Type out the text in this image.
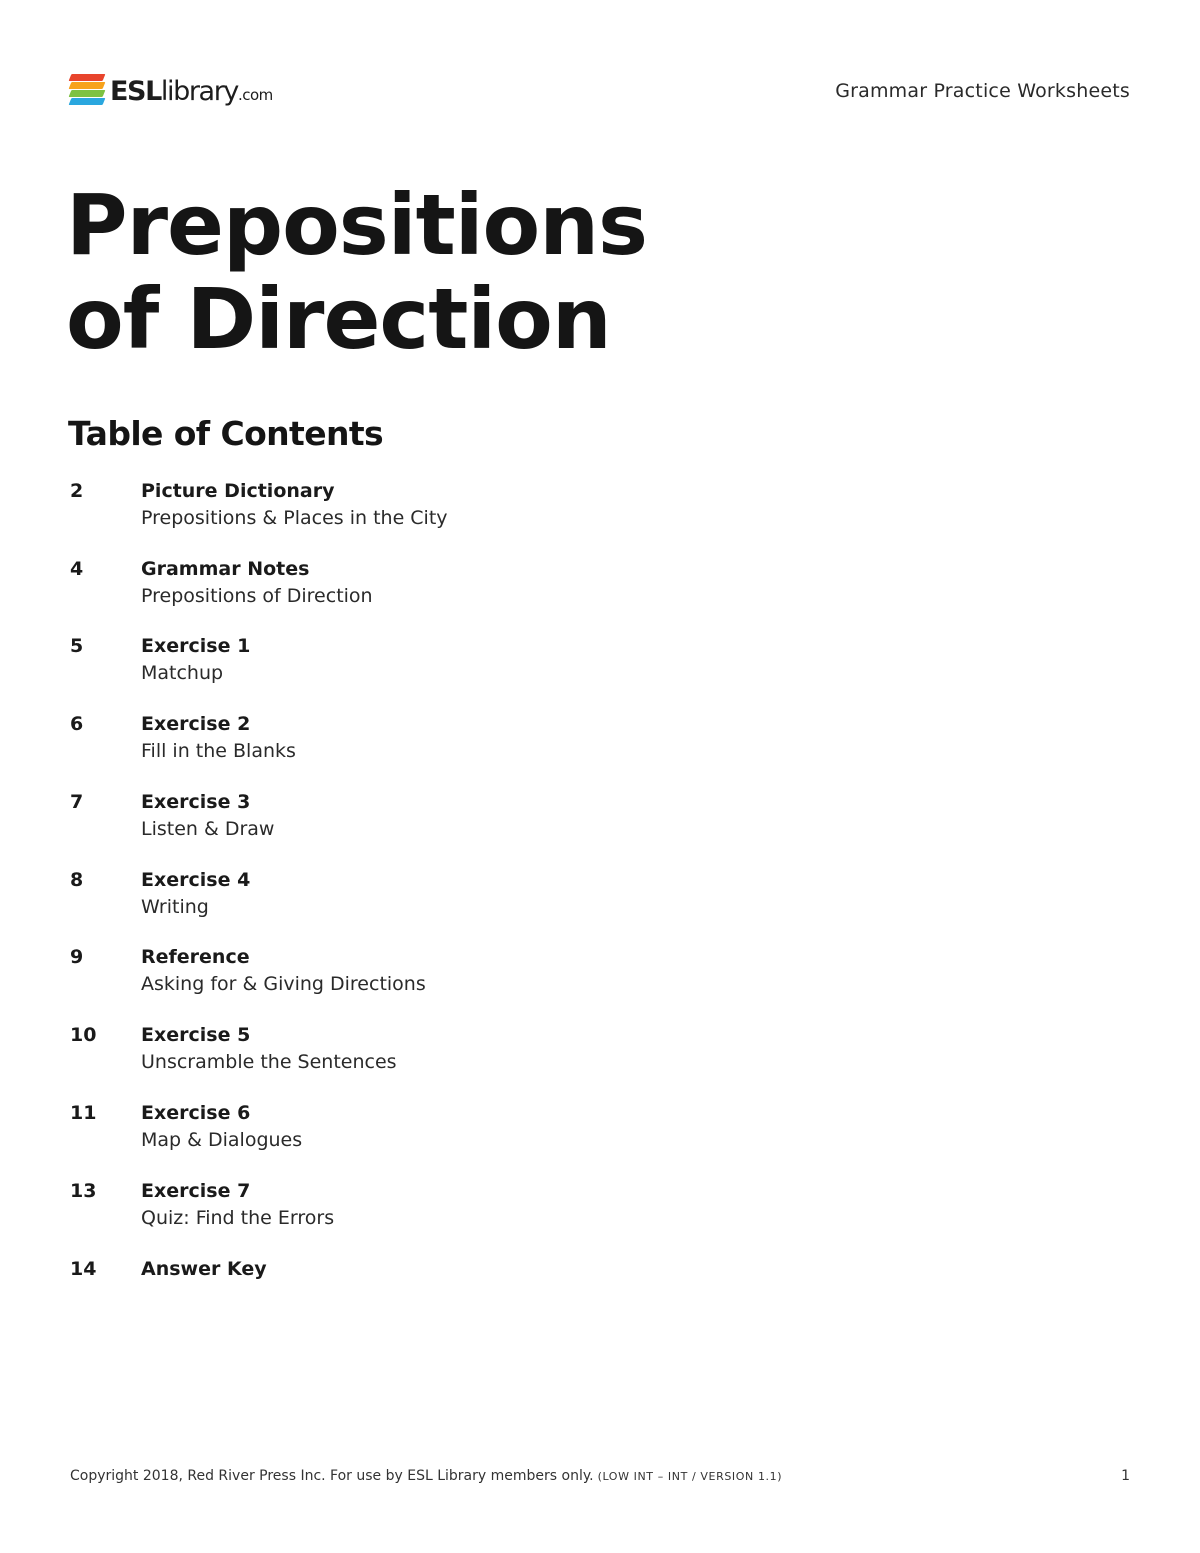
ESLlibrary.com	Grammar Practice Worksheets
Prepositions
of Direction
Table of Contents
2	Picture Dictionary
Prepositions & Places in the City
4	Grammar Notes
Prepositions of Direction
5	Exercise 1
Matchup
6	Exercise 2
Fill in the Blanks
7	Exercise 3
Listen & Draw
8	Exercise 4
Writing
9	Reference
Asking for & Giving Directions
10 Exercise 5
Unscramble the Sentences
11 Exercise 6
Map & Dialogues
13 Exercise 7
Quiz: Find the Errors
14 Answer Key
Copyright 2018, Red River Press Inc. For use by ESL Library members only. (LOW INT – INT / VERSION 1.1)	1
